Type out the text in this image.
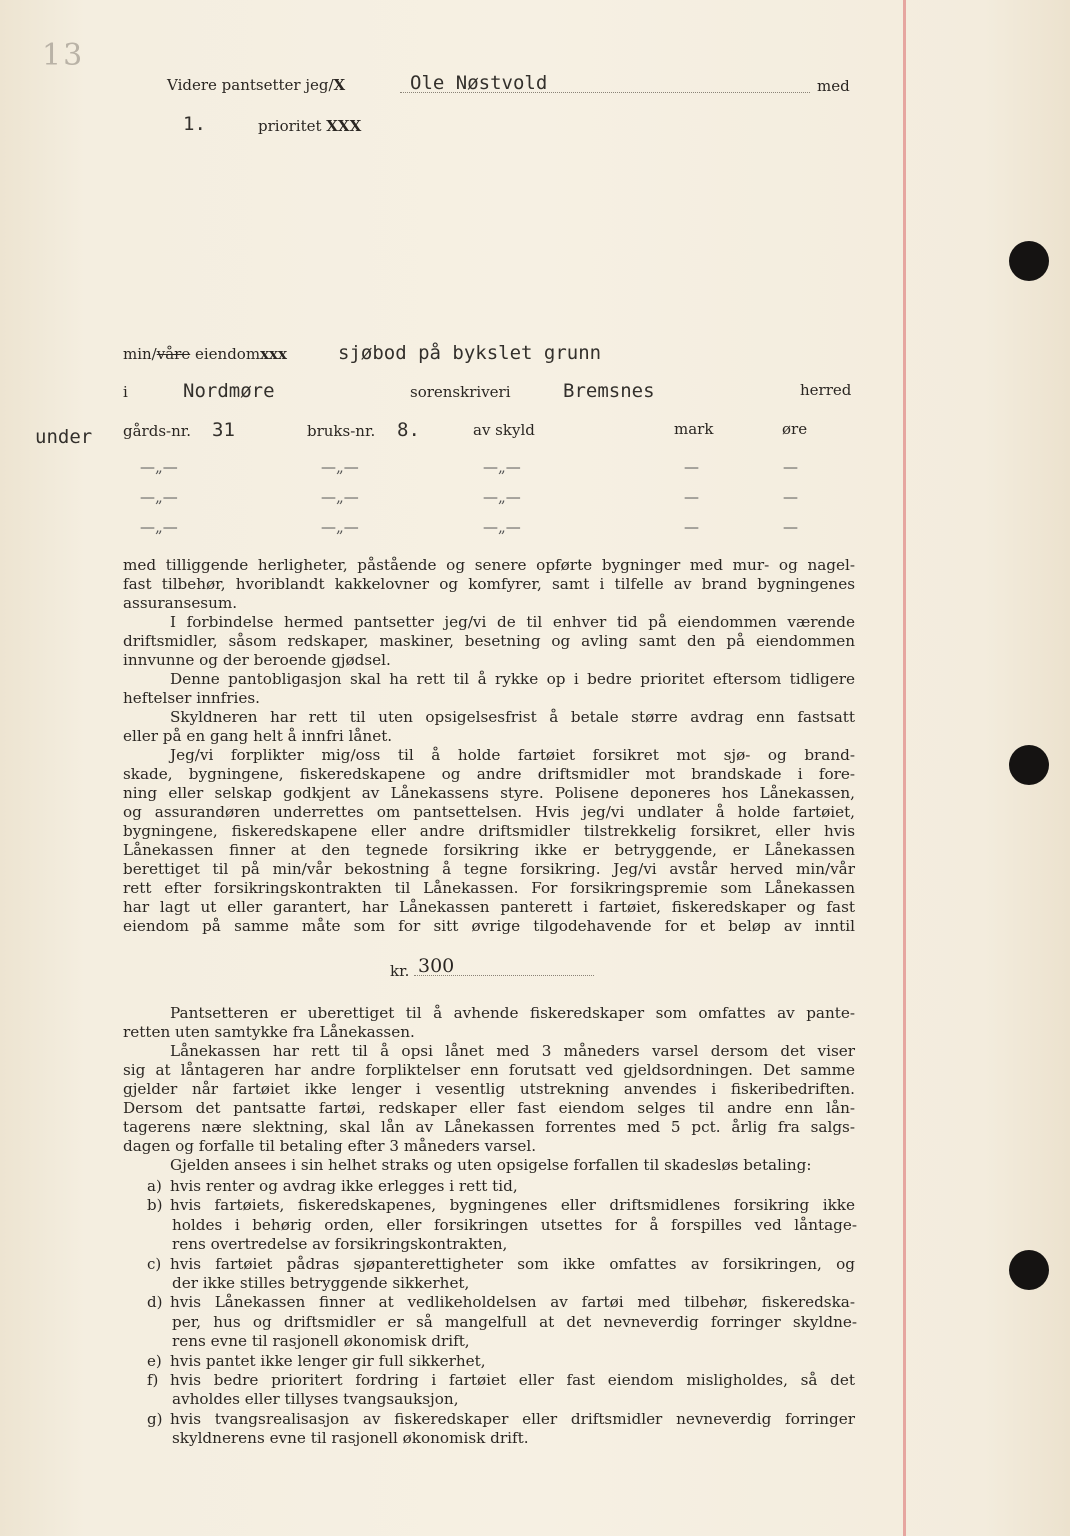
13
Videre pantsetter jeg/X	Ole Nøstvold	med
1.	prioritet XXX
min/våre eiendomxxx	sjøbod på bykslet grunn
i	Nordmøre	sorenskriveri	Bremsnes	herred
under gårds-nr. 31	bruks-nr. 8.	av skyld	mark	øre
—„—	—„—	—„—	—	—
—„—	—„—	—„—	—	—
—„—	—„—	—„—	—	—
med tilliggende herligheter, påstående og senere opførte bygninger med mur- og nagel-
fast tilbehør, hvoriblandt kakkelovner og komfyrer, samt i tilfelle av brand bygningenes
assuransesum.
I forbindelse hermed pantsetter jeg/vi de til enhver tid på eiendommen værende
driftsmidler, såsom redskaper, maskiner, besetning og avling samt den på eiendommen
innvunne og der beroende gjødsel.
Denne pantobligasjon skal ha rett til å rykke op i bedre prioritet eftersom tidligere
heftelser innfries.
Skyldneren har rett til uten opsigelsesfrist å betale større avdrag enn fastsatt
eller på en gang helt å innfri lånet.
Jeg/vi forplikter mig/oss til å holde fartøiet forsikret mot sjø- og brand-
skade, bygningene, fiskeredskapene og andre driftsmidler mot brandskade i fore-
ning eller selskap godkjent av Lånekassens styre. Polisene deponeres hos Lånekassen,
og assurandøren underrettes om pantsettelsen. Hvis jeg/vi undlater å holde fartøiet,
bygningene, fiskeredskapene eller andre driftsmidler tilstrekkelig forsikret, eller hvis
Lånekassen finner at den tegnede forsikring ikke er betryggende, er Lånekassen
berettiget til på min/vår bekostning å tegne forsikring. Jeg/vi avstår herved min/vår
rett efter forsikringskontrakten til Lånekassen. For forsikringspremie som Lånekassen
har lagt ut eller garantert, har Lånekassen panterett i fartøiet, fiskeredskaper og fast
eiendom på samme måte som for sitt øvrige tilgodehavende for et beløp av inntil
kr. 300
Pantsetteren er uberettiget til å avhende fiskeredskaper som omfattes av pante-
retten uten samtykke fra Lånekassen.
Lånekassen har rett til å opsi lånet med 3 måneders varsel dersom det viser
sig at låntageren har andre forpliktelser enn forutsatt ved gjeldsordningen. Det samme
gjelder når fartøiet ikke lenger i vesentlig utstrekning anvendes i fiskeribedriften.
Dersom det pantsatte fartøi, redskaper eller fast eiendom selges til andre enn lån-
tagerens nære slektning, skal lån av Lånekassen forrentes med 5 pct. årlig fra salgs-
dagen og forfalle til betaling efter 3 måneders varsel.
Gjelden ansees i sin helhet straks og uten opsigelse forfallen til skadesløs betaling:
a) hvis renter og avdrag ikke erlegges i rett tid,
b) hvis fartøiets, fiskeredskapenes, bygningenes eller driftsmidlenes forsikring ikke
holdes i behørig orden, eller forsikringen utsettes for å forspilles ved låntage-
rens overtredelse av forsikringskontrakten,
c) hvis fartøiet pådras sjøpanterettigheter som ikke omfattes av forsikringen, og
der ikke stilles betryggende sikkerhet,
d) hvis Lånekassen finner at vedlikeholdelsen av fartøi med tilbehør, fiskeredska-
per, hus og driftsmidler er så mangelfull at det nevneverdig forringer skyldne-
rens evne til rasjonell økonomisk drift,
e) hvis pantet ikke lenger gir full sikkerhet,
f) hvis bedre prioritert fordring i fartøiet eller fast eiendom misligholdes, så det
avholdes eller tillyses tvangsauksjon,
g) hvis tvangsrealisasjon av fiskeredskaper eller driftsmidler nevneverdig forringer
skyldnerens evne til rasjonell økonomisk drift.
